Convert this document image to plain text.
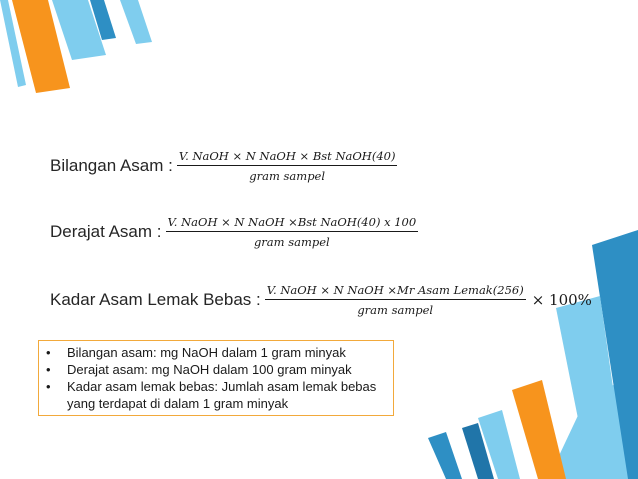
Bilangan Asam : $\frac{\text{V. NaOH × N NaOH × Bst NaOH(40)}}{\text{gram sampel}}$
Derajat Asam : $\frac{\text{V. NaOH × N NaOH ×Bst NaOH(40) x 100}}{\text{gram sampel}}$
Kadar Asam Lemak Bebas : $\frac{\text{V. NaOH × N NaOH ×Mr Asam Lemak(256)}}{\text{gram sampel}} \times 100\%$
• Bilangan asam: mg NaOH dalam 1 gram minyak
• Derajat asam: mg NaOH dalam 100 gram minyak
• Kadar asam lemak bebas: Jumlah asam lemak bebas yang terdapat di dalam 1 gram minyak
